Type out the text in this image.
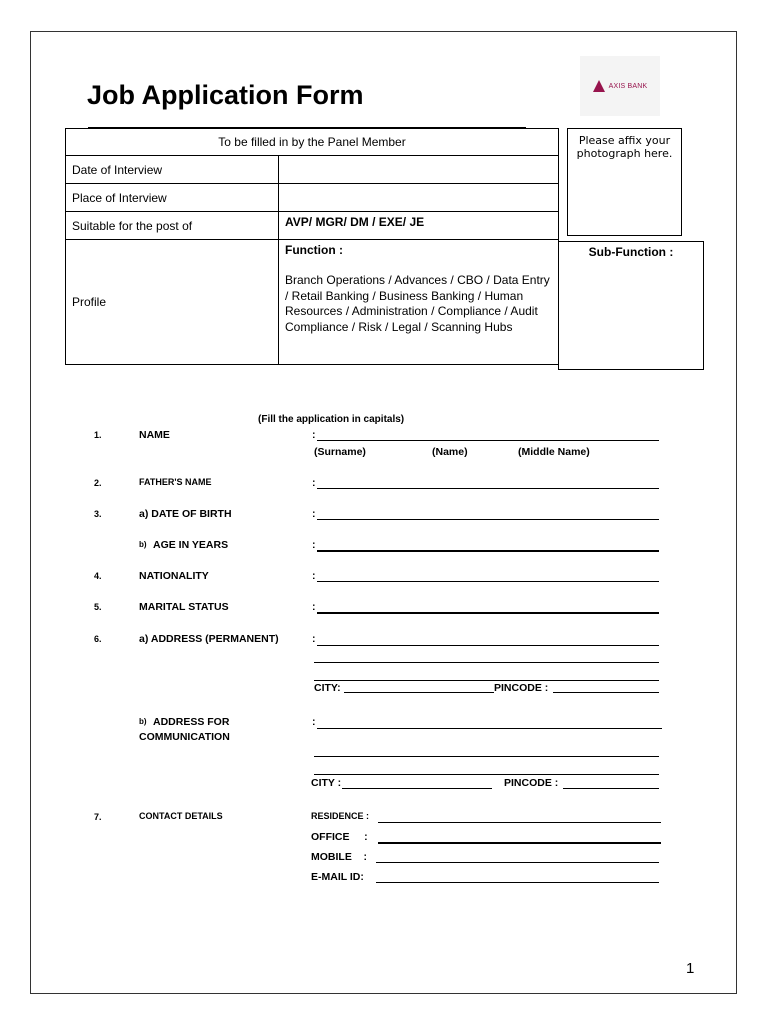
Job Application Form	AXIS BANK
Please affix your photograph here.
To be filled in by the Panel Member	
Date of Interview	
Place of Interview	
Suitable for the post of	AVP/ MGR/ DM / EXE/ JE
Profile	Function :
Branch Operations / Advances / CBO / Data Entry / Retail Banking / Business Banking / Human Resources / Administration / Compliance / Audit Compliance / Risk / Legal / Scanning Hubs
Sub-Function :
(Fill the application in capitals)
1.	NAME	:
(Surname)	(Name)	(Middle Name)
2.	FATHER'S NAME	:
3.	a) DATE OF BIRTH	:
b) AGE IN YEARS	:
4.	NATIONALITY	:
5.	MARITAL STATUS	:
6.	a) ADDRESS (PERMANENT)	:
CITY:	PINCODE :
b) ADDRESS FOR
COMMUNICATION
:
CITY :	PINCODE :
7.	CONTACT DETAILS	RESIDENCE :
OFFICE     :
MOBILE    :
E-MAIL ID:
1
